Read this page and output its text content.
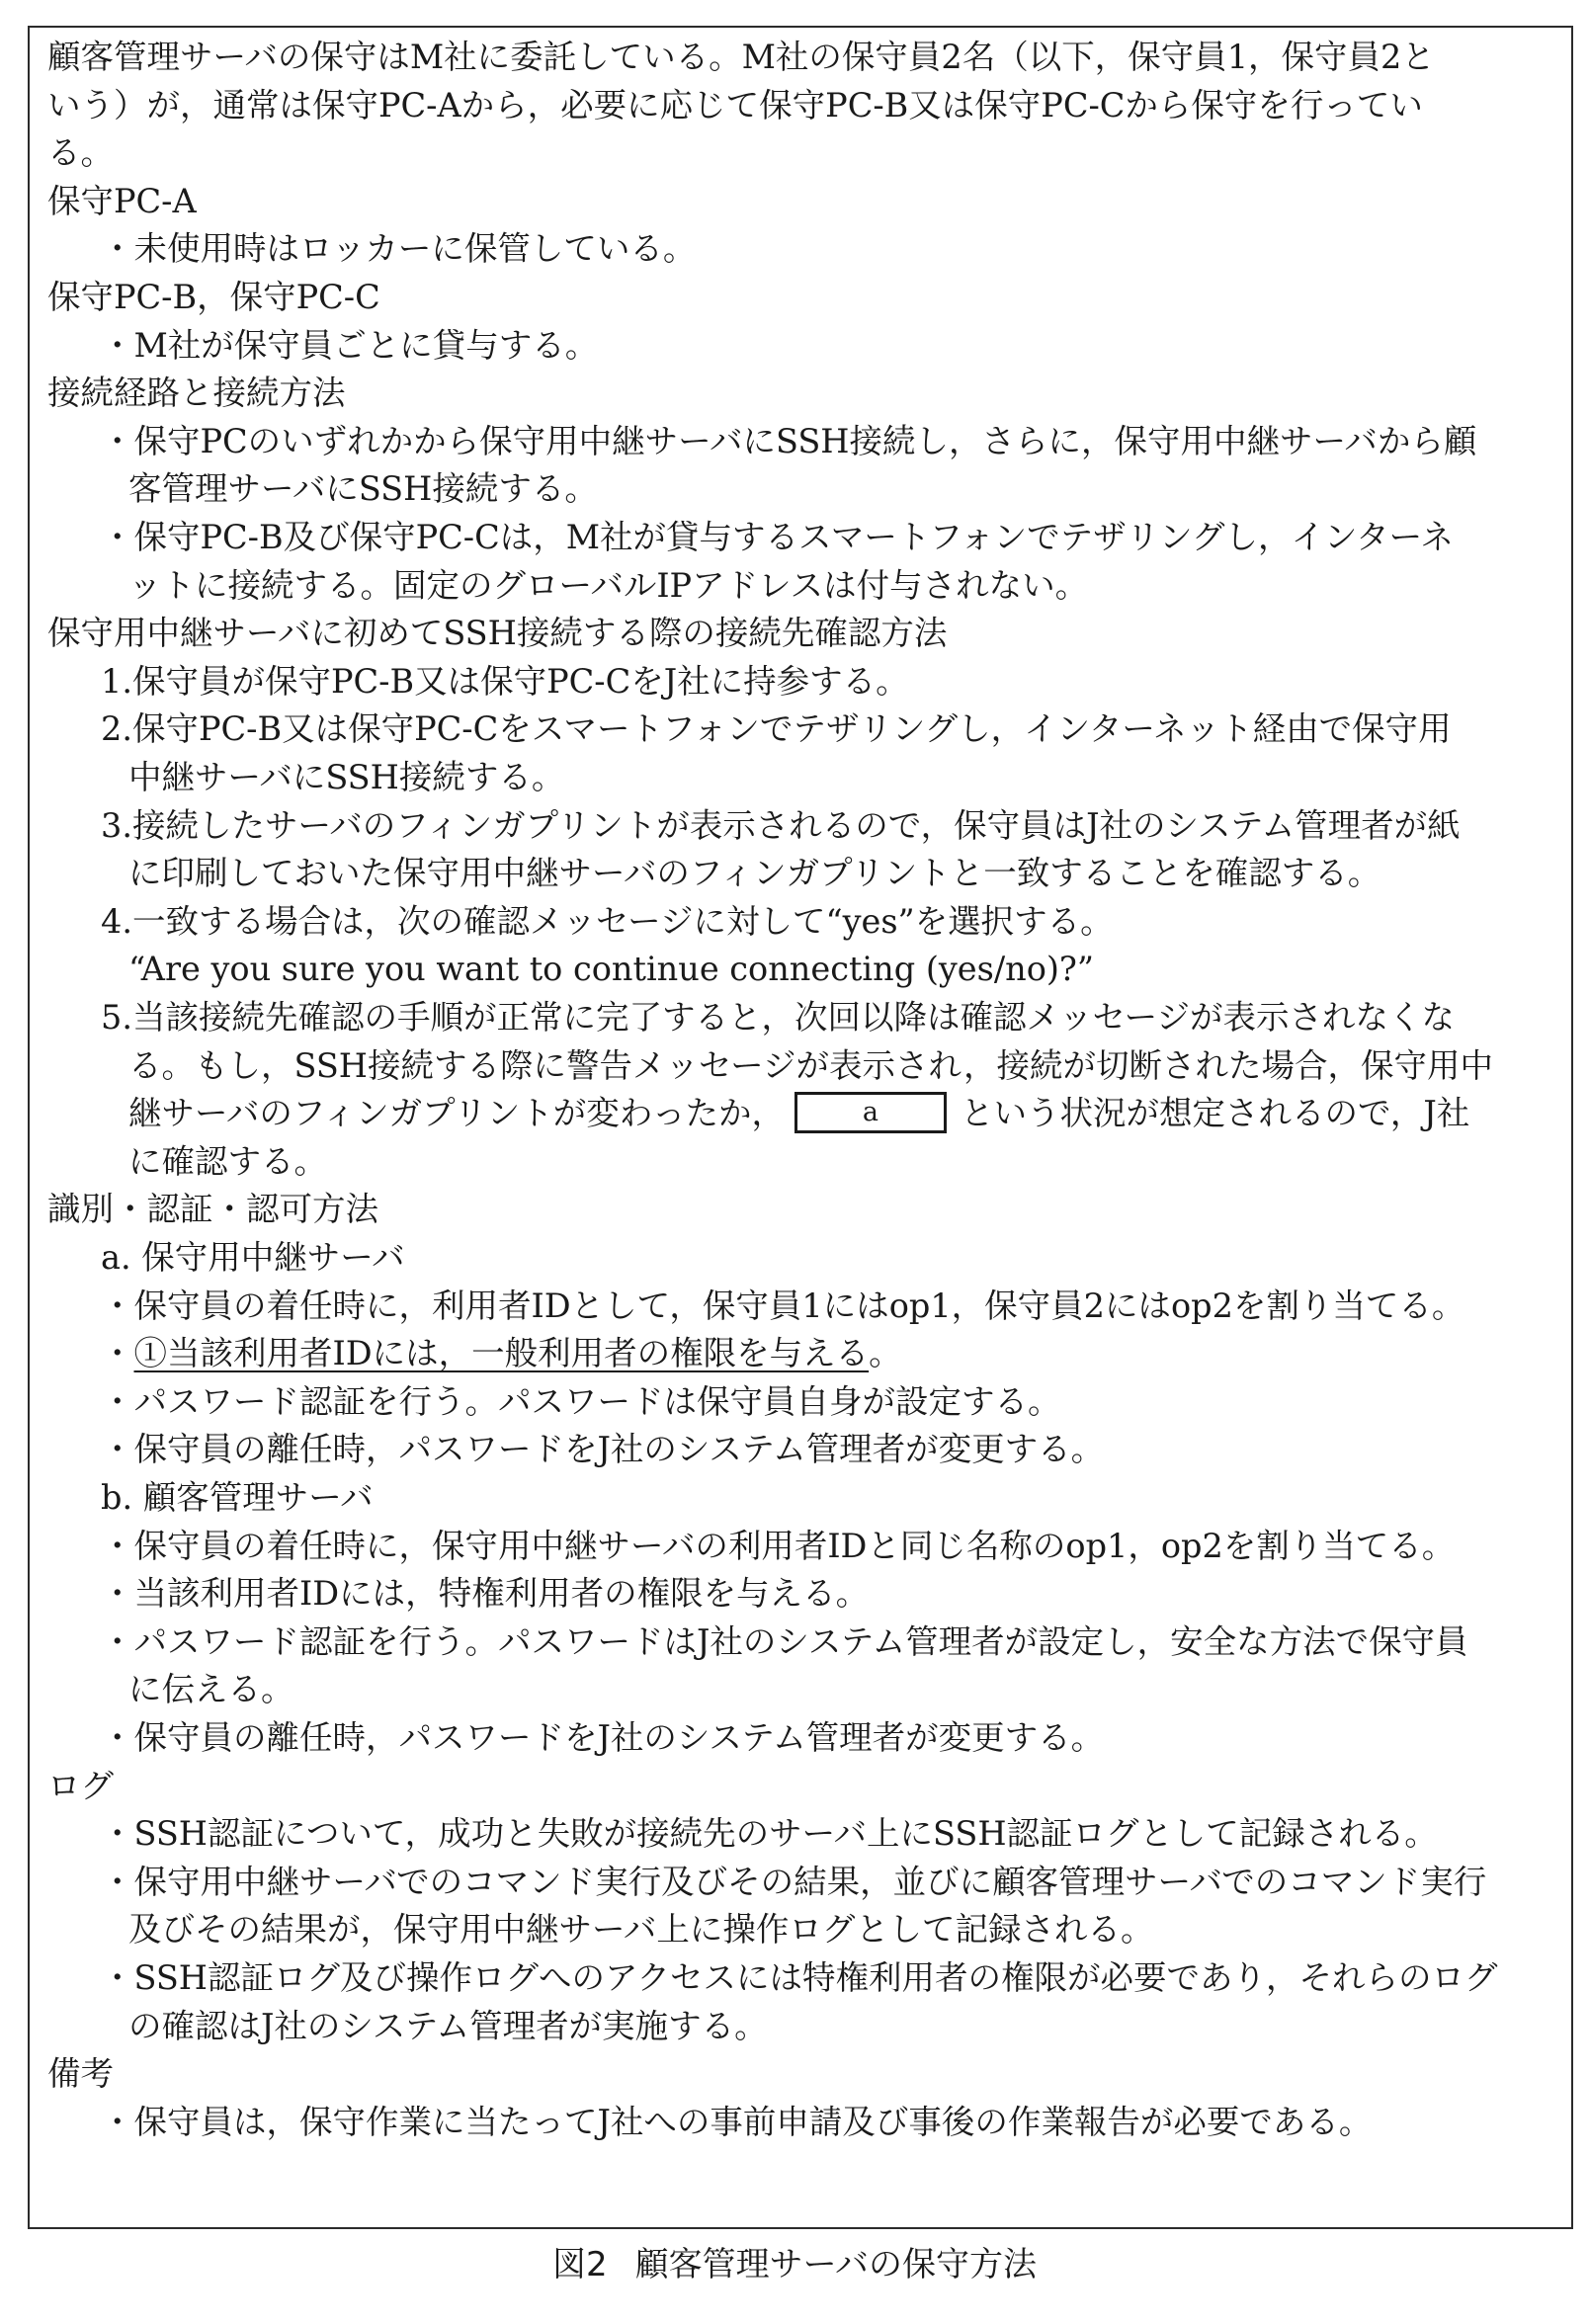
顧客管理サーバの保守はM社に委託している。M社の保守員2名（以下，保守員1，保守員2と
いう）が，通常は保守PC-Aから，必要に応じて保守PC-B又は保守PC-Cから保守を行ってい
る。
保守PC-A
・未使用時はロッカーに保管している。
保守PC-B，保守PC-C
・M社が保守員ごとに貸与する。
接続経路と接続方法
・保守PCのいずれかから保守用中継サーバにSSH接続し，さらに，保守用中継サーバから顧
客管理サーバにSSH接続する。
・保守PC-B及び保守PC-Cは，M社が貸与するスマートフォンでテザリングし，インターネ
ットに接続する。固定のグローバルIPアドレスは付与されない。
保守用中継サーバに初めてSSH接続する際の接続先確認方法
1.保守員が保守PC-B又は保守PC-CをJ社に持参する。
2.保守PC-B又は保守PC-Cをスマートフォンでテザリングし，インターネット経由で保守用
中継サーバにSSH接続する。
3.接続したサーバのフィンガプリントが表示されるので，保守員はJ社のシステム管理者が紙
に印刷しておいた保守用中継サーバのフィンガプリントと一致することを確認する。
4.一致する場合は，次の確認メッセージに対して“yes”を選択する。
“Are you sure you want to continue connecting (yes/no)?”
5.当該接続先確認の手順が正常に完了すると，次回以降は確認メッセージが表示されなくな
る。もし，SSH接続する際に警告メッセージが表示され，接続が切断された場合，保守用中
継サーバのフィンガプリントが変わったか，	a という状況が想定されるので，J社
に確認する。
識別・認証・認可方法
a. 保守用中継サーバ
・保守員の着任時に，利用者IDとして，保守員1にはop1，保守員2にはop2を割り当てる。
・①当該利用者IDには，一般利用者の権限を与える。
・パスワード認証を行う。パスワードは保守員自身が設定する。
・保守員の離任時，パスワードをJ社のシステム管理者が変更する。
b. 顧客管理サーバ
・保守員の着任時に，保守用中継サーバの利用者IDと同じ名称のop1，op2を割り当てる。
・当該利用者IDには，特権利用者の権限を与える。
・パスワード認証を行う。パスワードはJ社のシステム管理者が設定し，安全な方法で保守員
に伝える。
・保守員の離任時，パスワードをJ社のシステム管理者が変更する。
ログ
・SSH認証について，成功と失敗が接続先のサーバ上にSSH認証ログとして記録される。
・保守用中継サーバでのコマンド実行及びその結果，並びに顧客管理サーバでのコマンド実行
及びその結果が，保守用中継サーバ上に操作ログとして記録される。
・SSH認証ログ及び操作ログへのアクセスには特権利用者の権限が必要であり，それらのログ
の確認はJ社のシステム管理者が実施する。
備考
・保守員は，保守作業に当たってJ社への事前申請及び事後の作業報告が必要である。
図2 顧客管理サーバの保守方法
